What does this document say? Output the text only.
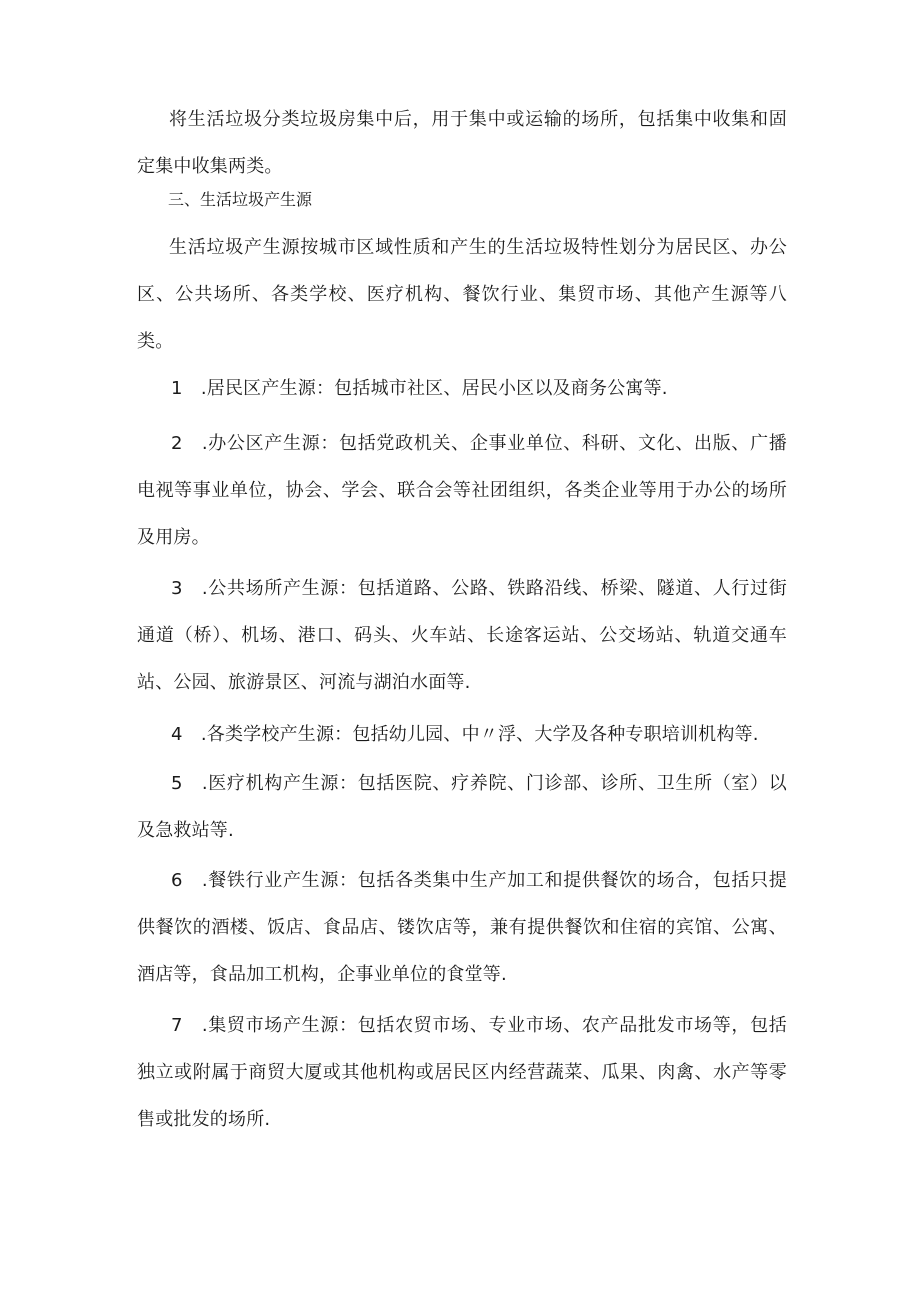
将生活垃圾分类垃圾房集中后，用于集中或运输的场所，包括集中收集和固定集中收集两类。

三、生活垃圾产生源

生活垃圾产生源按城市区域性质和产生的生活垃圾特性划分为居民区、办公区、公共场所、各类学校、医疗机构、餐饮行业、集贸市场、其他产生源等八类。

1　.居民区产生源：包括城市社区、居民小区以及商务公寓等.

2　.办公区产生源：包括党政机关、企事业单位、科研、文化、出版、广播电视等事业单位，协会、学会、联合会等社团组织，各类企业等用于办公的场所及用房。

3　.公共场所产生源：包括道路、公路、铁路沿线、桥梁、隧道、人行过街通道（桥）、机场、港口、码头、火车站、长途客运站、公交场站、轨道交通车站、公园、旅游景区、河流与湖泊水面等.

4　.各类学校产生源：包括幼儿园、中〃浮、大学及各种专职培训机构等.

5　.医疗机构产生源：包括医院、疗养院、门诊部、诊所、卫生所（室）以及急救站等.

6　.餐铁行业产生源：包括各类集中生产加工和提供餐饮的场合，包括只提供餐饮的酒楼、饭店、食品店、镂饮店等，兼有提供餐饮和住宿的宾馆、公寓、酒店等，食品加工机构，企事业单位的食堂等.

7　.集贸市场产生源：包括农贸市场、专业市场、农产品批发市场等，包括独立或附属于商贸大厦或其他机构或居民区内经营蔬菜、瓜果、肉禽、水产等零售或批发的场所.
